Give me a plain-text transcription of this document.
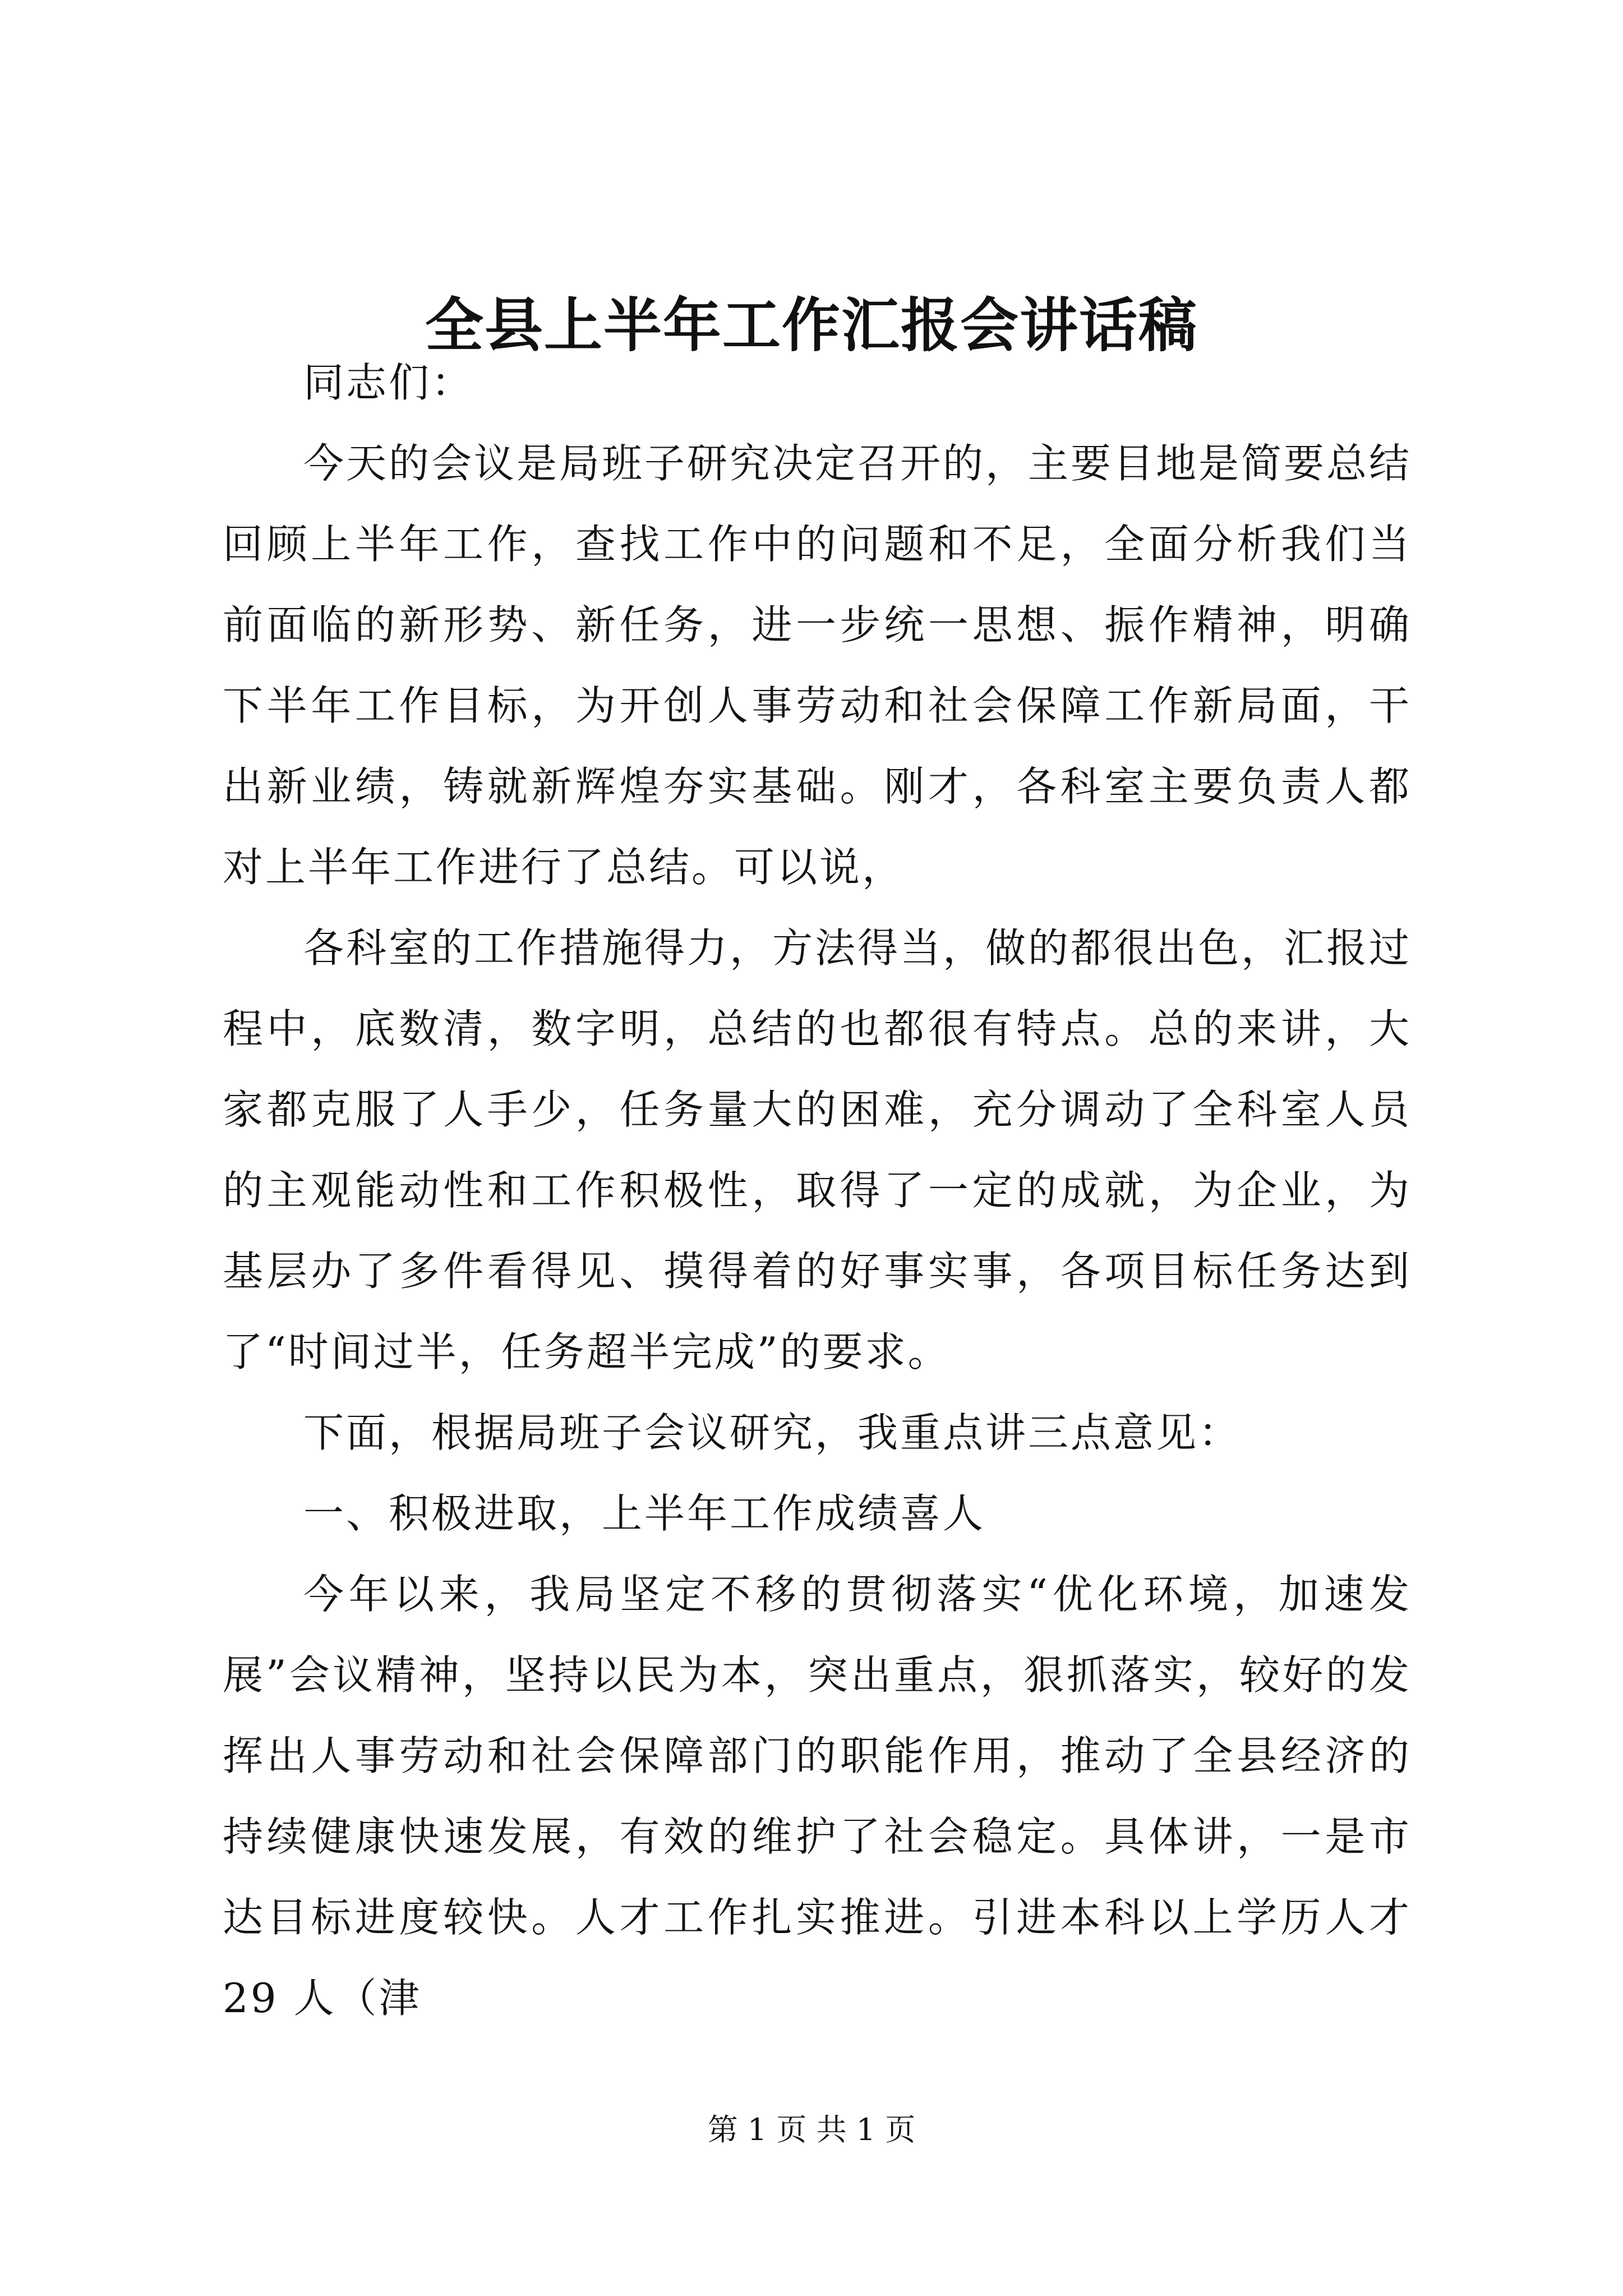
全县上半年工作汇报会讲话稿

同志们：

今天的会议是局班子研究决定召开的，主要目地是简要总结回顾上半年工作，查找工作中的问题和不足，全面分析我们当前面临的新形势、新任务，进一步统一思想、振作精神，明确下半年工作目标，为开创人事劳动和社会保障工作新局面，干出新业绩，铸就新辉煌夯实基础。刚才，各科室主要负责人都对上半年工作进行了总结。可以说，

各科室的工作措施得力，方法得当，做的都很出色，汇报过程中，底数清，数字明，总结的也都很有特点。总的来讲，大家都克服了人手少，任务量大的困难，充分调动了全科室人员的主观能动性和工作积极性，取得了一定的成就，为企业，为基层办了多件看得见、摸得着的好事实事，各项目标任务达到了“时间过半，任务超半完成”的要求。

下面，根据局班子会议研究，我重点讲三点意见：

一、积极进取，上半年工作成绩喜人

今年以来，我局坚定不移的贯彻落实“优化环境，加速发展”会议精神，坚持以民为本，突出重点，狠抓落实，较好的发挥出人事劳动和社会保障部门的职能作用，推动了全县经济的持续健康快速发展，有效的维护了社会稳定。具体讲，一是市达目标进度较快。人才工作扎实推进。引进本科以上学历人才 29 人（津

第 1 页 共 1 页
